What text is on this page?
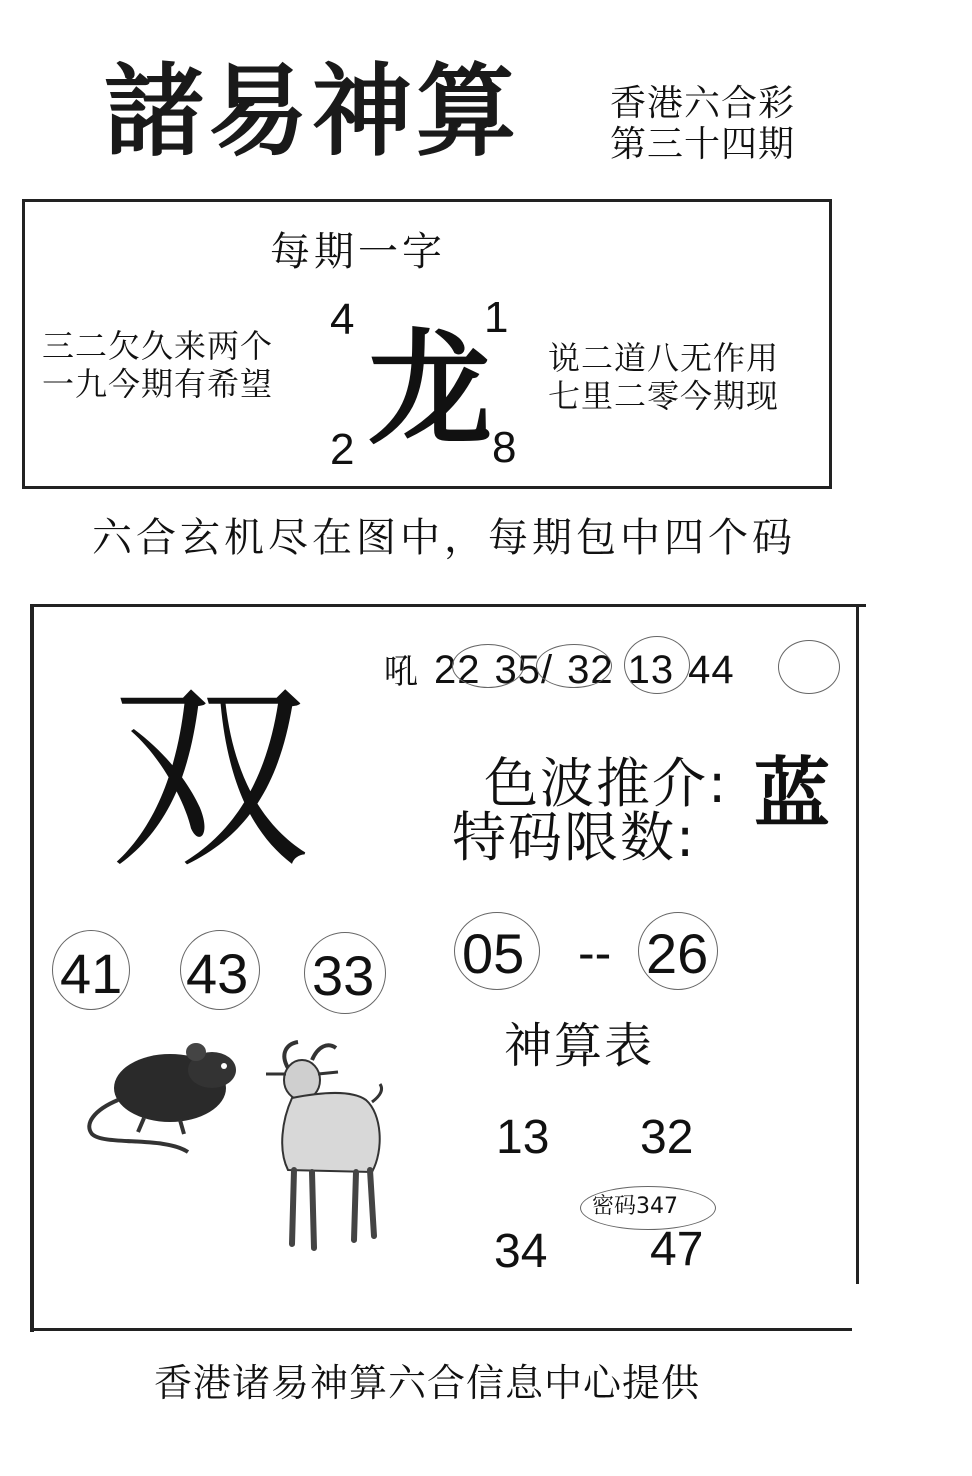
諸易神算	香港六合彩
第三十四期
每期一字
三二欠久来两个
一九今期有希望
说二道八无作用
七里二零今期现
4	1
2	8
龙
六合玄机尽在图中，每期包中四个码
吼 22 35/ 32 13 44
双	色波推介: 蓝
特码限数:
41 43 33 05 -- 26
神算表
13 32
34 47
密码347
香港诸易神算六合信息中心提供
